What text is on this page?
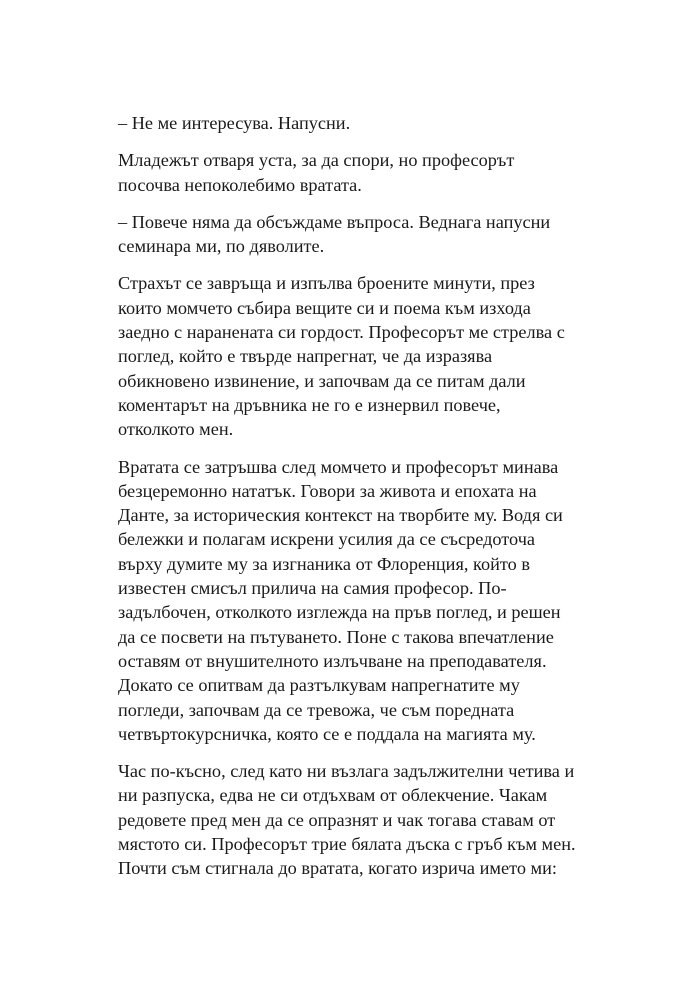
– Не ме интересува. Напусни.

Младежът отваря уста, за да спори, но професорът
посочва непоколебимо вратата.

– Повече няма да обсъждаме въпроса. Веднага напусни
семинара ми, по дяволите.

Страхът се завръща и изпълва броените минути, през
които момчето събира вещите си и поема към изхода
заедно с наранената си гордост. Професорът ме стрелва с
поглед, който е твърде напрегнат, че да изразява
обикновено извинение, и започвам да се питам дали
коментарът на дръвника не го е изнервил повече,
отколкото мен.

Вратата се затръшва след момчето и професорът минава
безцеремонно нататък. Говори за живота и епохата на
Данте, за историческия контекст на творбите му. Водя си
бележки и полагам искрени усилия да се съсредоточа
върху думите му за изгнаника от Флоренция, който в
известен смисъл прилича на самия професор. По-
задълбочен, отколкото изглежда на пръв поглед, и решен
да се посвети на пътуването. Поне с такова впечатление
оставям от внушителното излъчване на преподавателя.
Докато се опитвам да разтълкувам напрегнатите му
погледи, започвам да се тревожа, че съм поредната
четвъртокурсничка, която се е поддала на магията му.

Час по-късно, след като ни възлага задължителни четива и
ни разпуска, едва не си отдъхвам от облекчение. Чакам
редовете пред мен да се опразнят и чак тогава ставам от
мястото си. Професорът трие бялата дъска с гръб към мен.
Почти съм стигнала до вратата, когато изрича името ми:
